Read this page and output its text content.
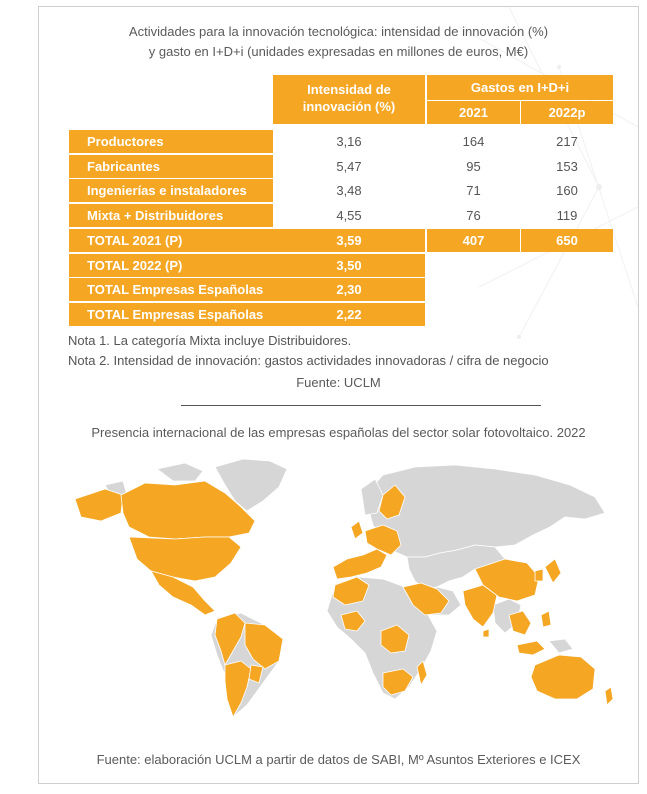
Actividades para la innovación tecnológica: intensidad de innovación (%)
y gasto en I+D+i (unidades expresadas en millones de euros, M€)
Intensidad de innovación (%)
Gastos en I+D+i
2021	2022p
Productores	3,16	164	217
Fabricantes	5,47	95	153
Ingenierías e instaladores	3,48	71	160
Mixta + Distribuidores	4,55	76	119
TOTAL 2021 (P)	3,59	407	650
TOTAL 2022 (P)	3,50
TOTAL Empresas Españolas	2,30
TOTAL Empresas Españolas	2,22
Nota 1. La categoría Mixta incluye Distribuidores.
Nota 2. Intensidad de innovación: gastos actividades innovadoras / cifra de negocio
Fuente: UCLM
Presencia internacional de las empresas españolas del sector solar fotovoltaico. 2022
Fuente: elaboración UCLM a partir de datos de SABI, Mº Asuntos Exteriores e ICEX
